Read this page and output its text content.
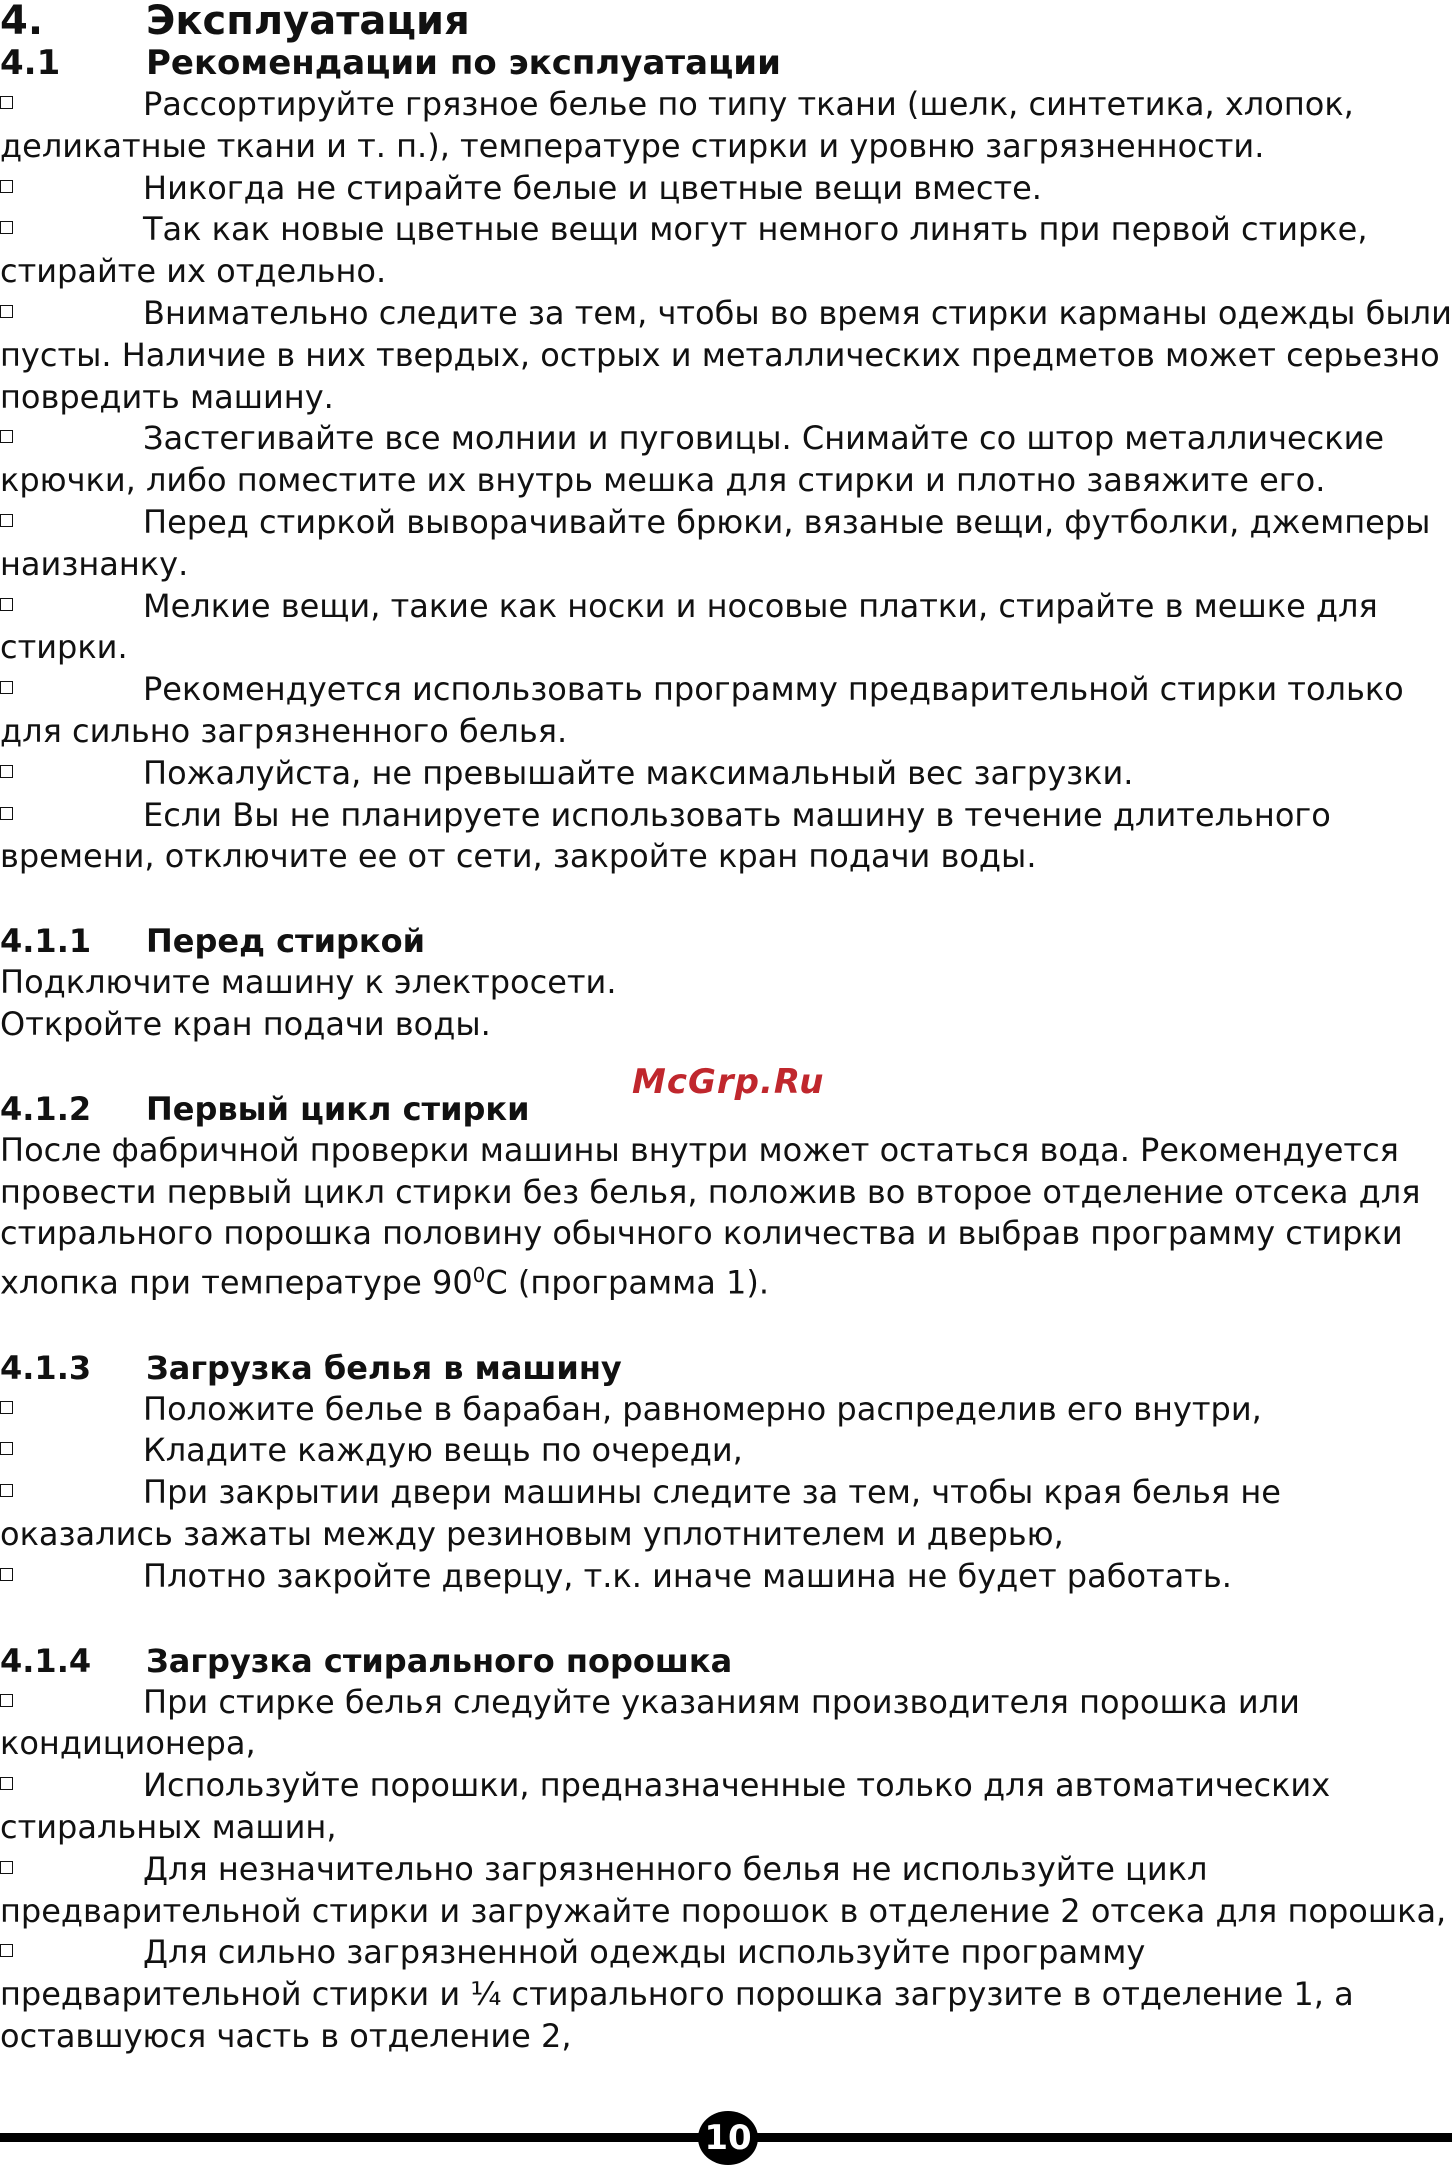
4.	Эксплуатация
4.1	Рекомендации по эксплуатации

Рассортируйте грязное белье по типу ткани (шелк, синтетика, хлопок, деликатные ткани и т. п.), температуре стирки и уровню загрязненности.

Никогда не стирайте белые и цветные вещи вместе.

Так как новые цветные вещи могут немного линять при первой стирке, стирайте их отдельно.

Внимательно следите за тем, чтобы во время стирки карманы одежды были пусты. Наличие в них твердых, острых и металлических предметов может серьезно повредить машину.

Застегивайте все молнии и пуговицы. Снимайте со штор металлические крючки, либо поместите их внутрь мешка для стирки и плотно завяжите его.

Перед стиркой выворачивайте брюки, вязаные вещи, футболки, джемперы наизнанку.

Мелкие вещи, такие как носки и носовые платки, стирайте в мешке для стирки.

Рекомендуется использовать программу предварительной стирки только для сильно загрязненного белья.

Пожалуйста, не превышайте максимальный вес загрузки.

Если Вы не планируете использовать машину в течение длительного времени, отключите ее от сети, закройте кран подачи воды.

4.1.1	Перед стиркой

Подключите машину к электросети.

Откройте кран подачи воды.

4.1.2	Первый цикл стирки

После фабричной проверки машины внутри может остаться вода. Рекомендуется провести первый цикл стирки без белья, положив во второе отделение отсека для стирального порошка половину обычного количества и выбрав программу стирки хлопка при температуре $90^0С$ (программа 1).

4.1.3	Загрузка белья в машину

Положите белье в барабан, равномерно распределив его внутри,

Кладите каждую вещь по очереди,

При закрытии двери машины следите за тем, чтобы края белья не оказались зажаты между резиновым уплотнителем и дверью,

Плотно закройте дверцу, т.к. иначе машина не будет работать.

4.1.4	Загрузка стирального порошка

При стирке белья следуйте указаниям производителя порошка или кондиционера,

Используйте порошки, предназначенные только для автоматических стиральных машин,

Для незначительно загрязненного белья не используйте цикл предварительной стирки и загружайте порошок в отделение 2 отсека для порошка,

Для сильно загрязненной одежды используйте программу предварительной стирки и ¼ стирального порошка загрузите в отделение 1, а оставшуюся часть в отделение 2,

McGrp.Ru
10
